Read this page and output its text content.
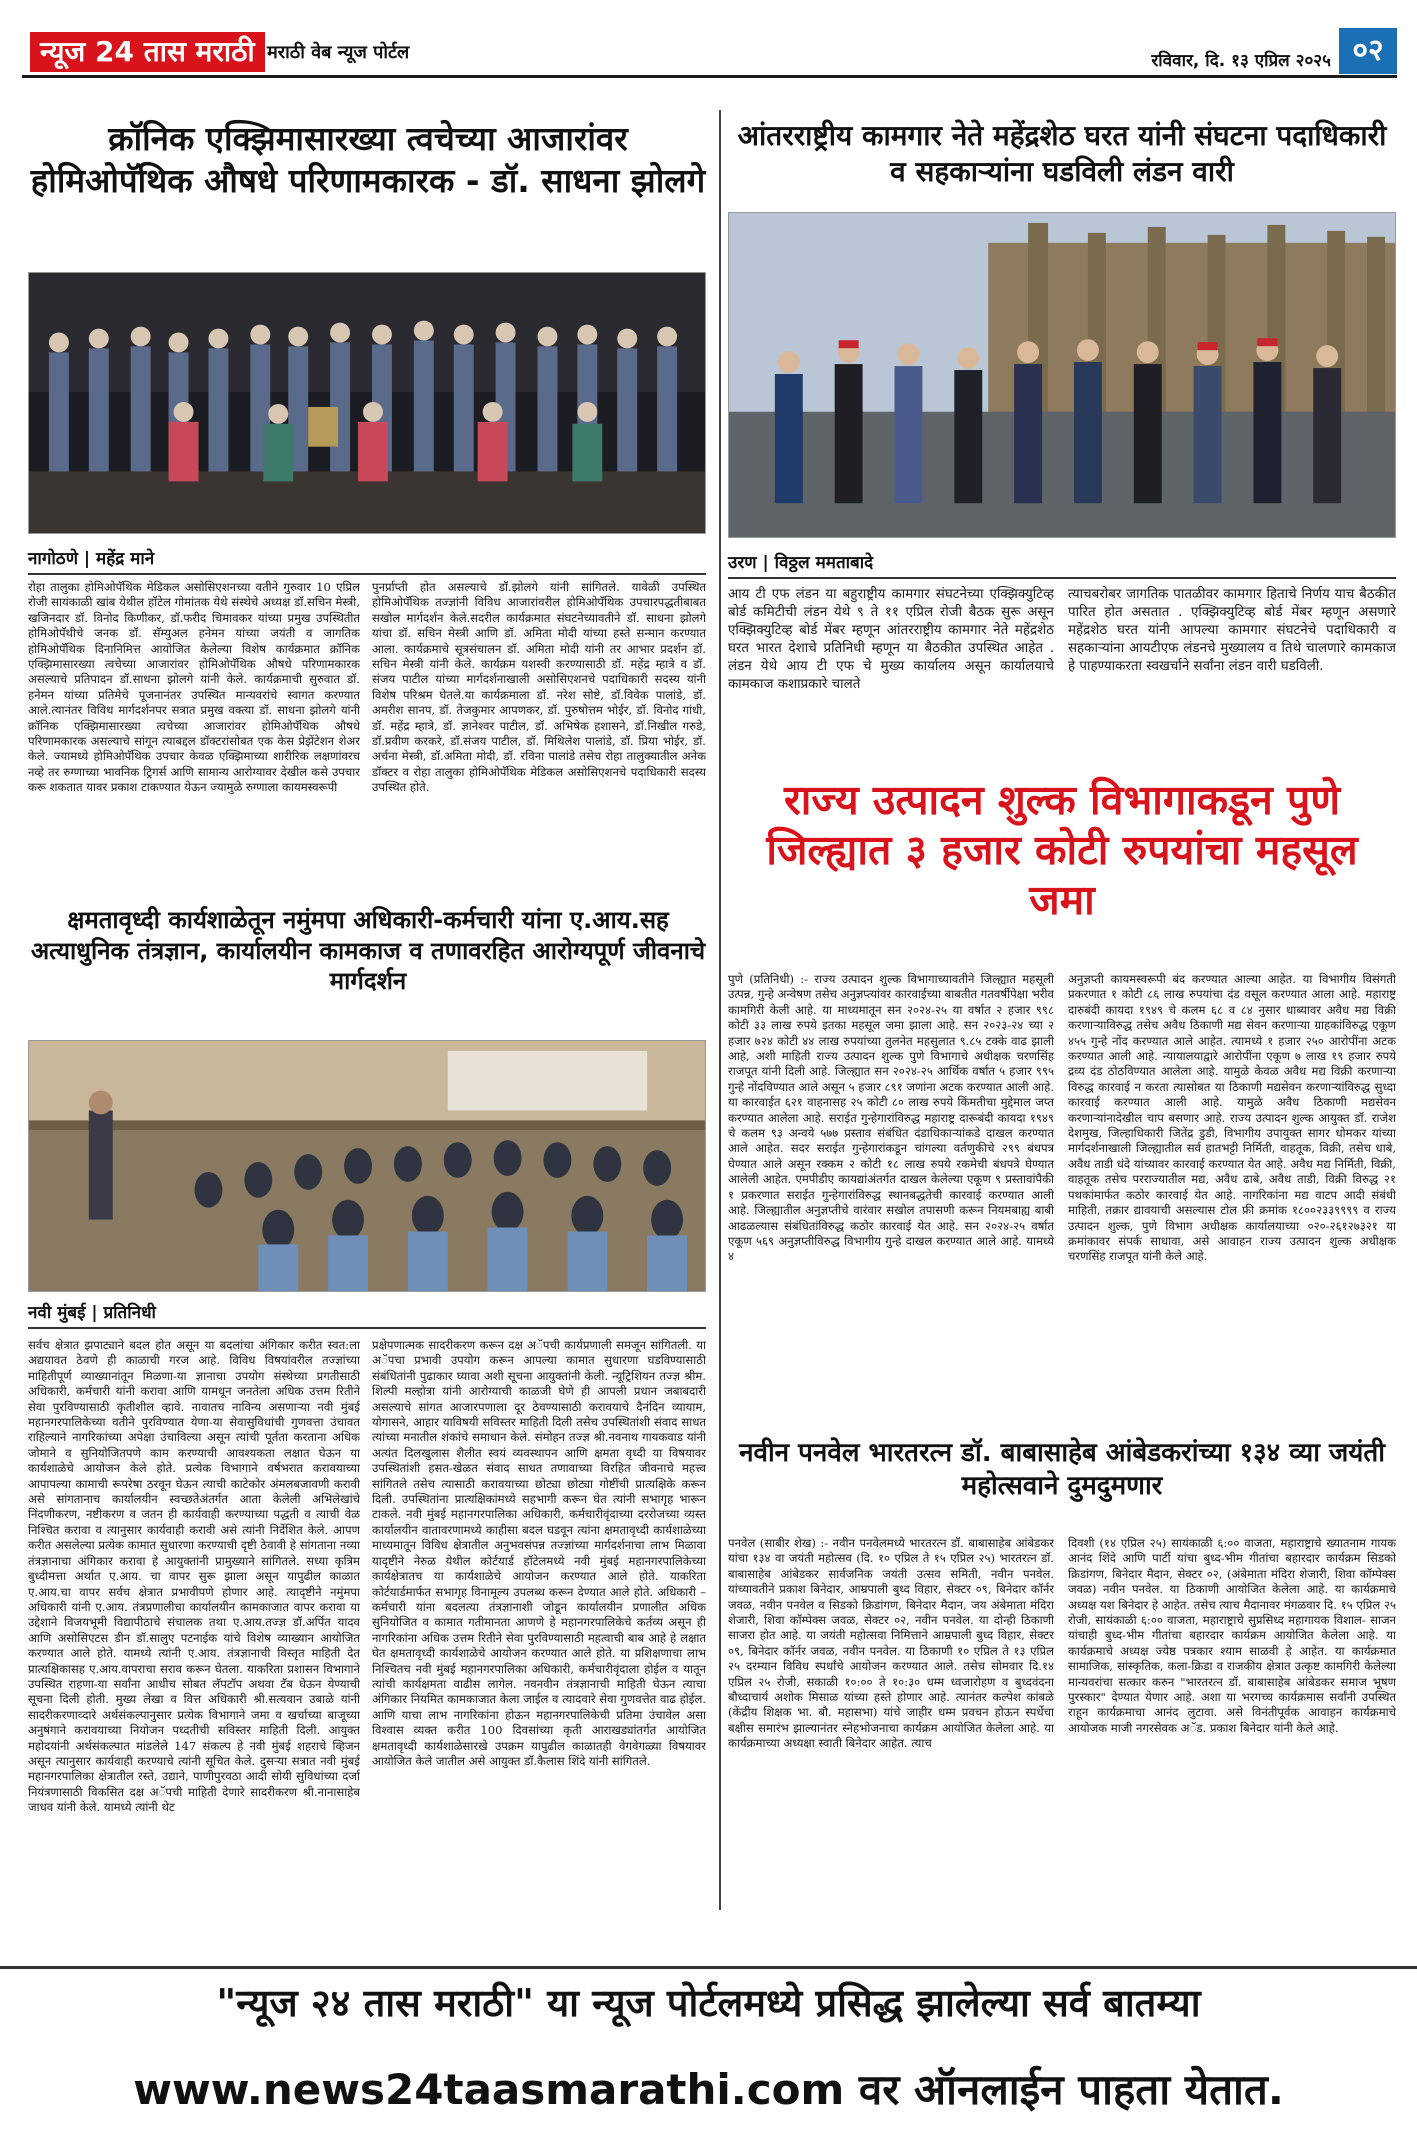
न्यूज 24 तास मराठी मराठी वेब न्यूज पोर्टल	रविवार, दि. १३ एप्रिल २०२५ ०२
क्रॉनिक एक्झिमासारख्या त्वचेच्या आजारांवर होमिओपॅथिक औषधे परिणामकारक - डॉ. साधना झोलगे
नागोठणे | महेंद्र माने
रोहा तालुका होमिओपॅथिक मेडिकल असोसिएशनच्या वतीने गुरुवार 10 एप्रिल रोजी सायंकाळी खांब येथील हॉटेल गोमांतक येथे संस्थेचे अध्यक्ष डॉ.सचिन मेस्त्री, खजिनदार डॉ. विनोद किणीकर, डॉ.फरीद चिमावकर यांच्या प्रमुख उपस्थितीत होमिओपॅथीचे जनक डॉ. सॅम्युअल हनेमन यांच्या जयंती व जागतिक होमिओपॅथिक दिनानिमित्त आयोजित केलेल्या विशेष कार्यक्रमात क्रॉनिक एक्झिमासारख्या त्वचेच्या आजारांवर होमिओपॅथिक औषधे परिणामकारक असल्याचे प्रतिपादन डॉ.साधना झोलगे यांनी केले. कार्यक्रमाची सुरुवात डॉ. हनेमन यांच्या प्रतिमेचे पूजनानंतर उपस्थित मान्यवरांचे स्वागत करण्यात आले.त्यानंतर विविध मार्गदर्शनपर सत्रात प्रमुख वक्त्या डॉ. साधना झोलगे यांनी क्रॉनिक एक्झिमासारख्या त्वचेच्या आजारांवर होमिओपॅथिक औषधे परिणामकारक असल्याचे सांगून त्याबद्दल डॉक्टरांसोबत एक केस प्रेझेंटेशन शेअर केले. ज्यामध्ये होमिओपॅथिक उपचार केवळ एक्झिमाच्या शारीरिक लक्षणांवरच नव्हे तर रुग्णाच्या भावनिक ट्रिगर्स आणि सामान्य आरोग्यावर देखील कसे उपचार करू शकतात यावर प्रकाश टाकण्यात येऊन ज्यामुळे रुग्णाला कायमस्वरूपी
पुनर्प्राप्ती होत असल्याचे डॉ.झोलगे यांनी सांगितले. यावेळी उपस्थित होमिओपॅथिक तज्ज्ञांनी विविध आजारांवरील होमिओपॅथिक उपचारपद्धतीबाबत सखोल मार्गदर्शन केले.सदरील कार्यक्रमात संघटनेच्यावतीने डॉ. साधना झोलगे यांचा डॉ. सचिन मेस्त्री आणि डॉ. अमिता मोदी यांच्या हस्ते सन्मान करण्यात आला. कार्यक्रमाचे सूत्रसंचालन डॉ. अमिता मोदी यांनी तर आभार प्रदर्शन डॉ. सचिन मेस्त्री यांनी केले. कार्यक्रम यशस्वी करण्यासाठी डॉ. महेंद्र म्हात्रे व डॉ. संजय पाटील यांच्या मार्गदर्शनाखाली असोसिएशनचे पदाधिकारी सदस्य यांनी विशेष परिश्रम घेतले.या कार्यक्रमाला डॉ. नरेश सोष्टे, डॉ.विवेक पालांडे, डॉ. अमरीश सानप, डॉ. तेजकुमार आपणकर, डॉ. पुरुषोत्तम भोईर, डॉ. विनोद गांधी, डॉ. महेंद्र म्हात्रे, डॉ. ज्ञानेश्वर पाटील, डॉ. अभिषेक हशासने, डॉ.निखील गरुडे, डॉ.प्रवीण करकरे, डॉ.संजय पाटील, डॉ. मिथिलेश पालांडे, डॉ. प्रिया भोईर, डॉ. अर्चना मेस्त्री, डॉ.अमिता मोदी, डॉ. रविना पालांडे तसेच रोहा तालुक्यातील अनेक डॉक्टर व रोहा तालुका होमिओपॅथिक मेडिकल असोसिएशनचे पदाधिकारी सदस्य उपस्थित होते.
क्षमतावृध्दी कार्यशाळेतून नमुंमपा अधिकारी-कर्मचारी यांना ए.आय.सह अत्याधुनिक तंत्रज्ञान, कार्यालयीन कामकाज व तणावरहित आरोग्यपूर्ण जीवनाचे मार्गदर्शन
नवी मुंबई | प्रतिनिधी
सर्वच क्षेत्रात झपाट्याने बदल होत असून या बदलांचा अंगिकार करीत स्वत:ला अद्ययावत ठेवणे ही काळाची गरज आहे. विविध विषयांवरील तज्ज्ञांच्या माहितीपूर्ण व्याख्यानांतून मिळणा-या ज्ञानाचा उपयोग संस्थेच्या प्रगतीसाठी अधिकारी, कर्मचारी यांनी करावा आणि यामधून जनतेला अधिक उत्तम रितीने सेवा पुरविण्यासाठी कृतीशील व्हावे. नावातच नाविन्य असणाऱ्या नवी मुंबई महानगरपालिकेच्या वतीने पुरविण्यात येणा-या सेवासुविधांची गुणवत्ता उंचावत राहिल्याने नागरिकांच्या अपेक्षा उंचाविल्या असून त्यांची पूर्तता करताना अधिक जोमाने व सुनियोजितपणे काम करण्याची आवश्यकता लक्षात घेऊन या कार्यशाळेचे आयोजन केले होते. प्रत्येक विभागाने वर्षभरात करावयाच्या आपापल्या कामाची रूपरेषा ठरवून घेऊन त्याची काटेकोर अंमलबजावणी करावी असे सांगतानाच कार्यालयीन स्वच्छतेअंतर्गत आता केलेली अभिलेखांचे निंदणीकरण, नष्टीकरण व जतन ही कार्यवाही करण्याच्या पद्धती व त्याची वेळ निश्चित करावा व त्यानुसार कार्यवाही करावी असे त्यांनी निर्देशित केले. आपण करीत असलेल्या प्रत्येक कामात सुधारणा करण्याची दृष्टी ठेवावी हे सांगताना नव्या तंत्रज्ञानाचा अंगिकार करावा हे आयुक्तांनी प्रामुख्याने सांगितले. सध्या कृत्रिम बुध्दीमत्ता अर्थात ए.आय. चा वापर सुरू झाला असून यापुढील काळात ए.आय.चा वापर सर्वच क्षेत्रात प्रभावीपणे होणार आहे. त्यादृष्टीने नमुंमपा अधिकारी यांनी ए.आय. तंत्रप्रणालीचा कार्यालयीन कामकाजात वापर करावा या उद्देशाने विजयभूमी विद्यापीठाचे संचालक तथा ए.आय.तज्ज्ञ डॉ.अर्पित यादव आणि असोसिएटस डीन डॉ.सालुए पटनाईक यांचे विशेष व्याख्यान आयोजित करण्यात आले होते. यामध्ये त्यांनी ए.आय. तंत्रज्ञानाची विस्तृत माहिती देत प्रात्यक्षिकासह ए.आय.वापराचा सराव करून घेतला. याकरिता प्रशासन विभागाने उपस्थित राहणा-या सर्वांना आधीच सोबत लॅपटॉप अथवा टॅब घेऊन येण्याची सूचना दिली होती. मुख्य लेखा व वित्त अधिकारी श्री.सत्यवान उबाळे यांनी सादरीकरणाव्दारे अर्थसंकल्पानुसार प्रत्येक विभागाने जमा व खर्चाच्या बाजूच्या अनुषंगाने करावयाच्या नियोजन पध्दतीची सविस्तर माहिती दिली. आयुक्त महोदयांनी अर्थसंकल्पात मांडलेले 147 संकल्प हे नवी मुंबई शहराचे व्हिजन असून त्यानुसार कार्यवाही करण्याचे त्यांनी सूचित केले. दुसऱ्या सत्रात नवी मुंबई महानगरपालिका क्षेत्रातील रस्ते, उद्याने, पाणीपुरवठा आदी सोयी सुविधांच्या दर्जा नियंत्रणासाठी विकसित दक्ष अॅपची माहिती देणारे सादरीकरण श्री.नानासाहेब जाधव यांनी केले. यामध्ये त्यांनी थेट
प्रक्षेपणात्मक सादरीकरण करून दक्ष अॅपची कार्यप्रणाली समजून सांगितली. या अॅपचा प्रभावी उपयोग करून आपल्या कामात सुधारणा घडविण्यासाठी संबंधितांनी पुढाकार घ्यावा अशी सूचना आयुक्तांनी केली. न्यूट्रिशियन तज्ज्ञ श्रीम. शिल्पी मल्होत्रा यांनी आरोग्याची काळजी घेणे ही आपली प्रधान जबाबदारी असल्याचे सांगत आजारपणाला दूर ठेवण्यासाठी करावयाचे दैनंदिन व्यायाम, योगासने, आहार याविषयी सविस्तर माहिती दिली तसेच उपस्थितांशी संवाद साधत त्यांच्या मनातील शंकांचे समाधान केले. संमोहन तज्ज्ञ श्री.नवनाथ गायकवाड यांनी अत्यंत दिलखुलास शैलीत स्वयं व्यवस्थापन आणि क्षमता वृध्दी या विषयावर उपस्थितांशी हसत-खेळत संवाद साधत तणावाच्या विरहित जीवनाचे महत्त्व सांगितले तसेच त्यासाठी करावयाच्या छोट्या छोट्या गोष्टींची प्रात्यक्षिके करून दिली. उपस्थितांना प्रात्यक्षिकांमध्ये सहभागी करून घेत त्यांनी सभागृह भारून टाकले. नवी मुंबई महानगरपालिका अधिकारी, कर्मचारीवृंदाच्या दररोजच्या व्यस्त कार्यालयीन वातावरणामध्ये काहीसा बदल घडवून त्यांना क्षमतावृध्दी कार्यशाळेच्या माध्यमातून विविध क्षेत्रातील अनुभवसंपन्न तज्ज्ञांच्या मार्गदर्शनाचा लाभ मिळावा यादृष्टीने नेरुळ येथील कोर्टयार्ड हॉटेलमध्ये नवी मुंबई महानगरपालिकेच्या कार्यक्षेत्रातच या कार्यशाळेचे आयोजन करण्यात आले होते. याकरिता कोर्टयार्डमार्फत सभागृह विनामूल्य उपलब्ध करून देण्यात आले होते. अधिकारी – कर्मचारी यांना बदलत्या तंत्रज्ञानाशी जोडून कार्यालयीन प्रणालीत अधिक सुनियोजित व कामात गतीमानता आणणे हे महानगरपालिकेचे कर्तव्य असून ही नागरिकांना अधिक उत्तम रितीने सेवा पुरविण्यासाठी महत्वाची बाब आहे हे लक्षात घेत क्षमतावृध्दी कार्यशाळेचे आयोजन करण्यात आले होते. या प्रशिक्षणाचा लाभ निश्चितच नवी मुंबई महानगरपालिका अधिकारी, कर्मचारीवृंदाला होईल व यातून त्यांची कार्यक्षमता वाढीस लागेल. नवनवीन तंत्रज्ञानाची माहिती घेऊन त्याचा अंगिकार नियमित कामकाजात केला जाईल व त्यादवारे सेवा गुणवत्तेत वाढ होईल. आणि याचा लाभ नागरिकांना होऊन महानगरपालिकेची प्रतिमा उंचावेल असा विश्वास व्यक्त करीत 100 दिवसांच्या कृती आराखड्यांतर्गत आयोजित क्षमतावृध्दी कार्यशाळेसारखे उपक्रम यापुढील काळातही वेगवेगळ्या विषयावर आयोजित केले जातील असे आयुक्त डॉ.कैलास शिंदे यांनी सांगितले.
आंतरराष्ट्रीय कामगार नेते महेंद्रशेठ घरत यांनी संघटना पदाधिकारी व सहकाऱ्यांना घडविली लंडन वारी
उरण | विठ्ठल ममताबादे
आय टी एफ लंडन या बहुराष्ट्रीय कामगार संघटनेच्या एक्झिक्युटिव्ह बोर्ड कमिटीची लंडन येथे ९ ते ११ एप्रिल रोजी बैठक सुरू असून एक्झिक्युटिव्ह बोर्ड मेंबर म्हणून आंतरराष्ट्रीय कामगार नेते महेंद्रशेठ घरत भारत देशाचे प्रतिनिधी म्हणून या बैठकीत उपस्थित आहेत . लंडन येथे आय टी एफ चे मुख्य कार्यालय असून कार्यालयाचे कामकाज कशाप्रकारे चालते
त्याचबरोबर जागतिक पातळीवर कामगार हिताचे निर्णय याच बैठकीत पारित होत असतात . एक्झिक्युटिव्ह बोर्ड मेंबर म्हणून असणारे महेंद्रशेठ घरत यांनी आपल्या कामगार संघटनेचे पदाधिकारी व सहकाऱ्यांना आयटीएफ लंडनचे मुख्यालय व तिथे चालणारे कामकाज हे पाहण्याकरता स्वखर्चाने सर्वांना लंडन वारी घडविली.
राज्य उत्पादन शुल्क विभागाकडून पुणे जिल्ह्यात ३ हजार कोटी रुपयांचा महसूल जमा
पुणे (प्रतिनिधी) :- राज्य उत्पादन शुल्क विभागाच्यावतीने जिल्ह्यात महसूली उत्पन्न, गुन्हे अन्वेषण तसेच अनुज्ञप्त्यांवर कारवाईच्या बाबतीत गतवर्षीपेक्षा भरीव कामगिरी केली आहे. या माध्यमातून सन २०२४-२५ या वर्षात २ हजार ९९८ कोटी ३३ लाख रुपये इतका महसूल जमा झाला आहे. सन २०२३-२४ च्या २ हजार ७२४ कोटी ४४ लाख रुपयांच्या तुलनेत महसुलात ९.८५ टक्के वाढ झाली आहे, अशी माहिती राज्य उत्पादन शुल्क पुणे विभागाचे अधीक्षक चरणसिंह राजपूत यांनी दिली आहे. जिल्ह्यात सन २०२४-२५ आर्थिक वर्षात ५ हजार ९९५ गुन्हे नोंदविण्यात आले असून ५ हजार ८९१ जणांना अटक करण्यात आली आहे. या कारवाईत ६२१ वाहनासह २५ कोटी ८० लाख रुपये किंमतीचा मुद्देमाल जप्त करण्यात आलेला आहे. सराईत गुन्हेगारांविरुद्ध महाराष्ट्र दारूबंदी कायदा १९४९ चे कलम ९३ अन्वये ५७७ प्रस्ताव संबंधित दंडाधिकाऱ्यांकडे दाखल करण्यात आले आहेत. सदर सराईत गुन्हेगारांकडून चांगल्या वर्तणुकीचे २९९ बंधपत्र घेण्यात आले असून रक्कम २ कोटी १८ लाख रुपये रकमेची बंधपत्रे घेण्यात आलेली आहेत. एमपीडीए कायद्यांअंतर्गत दाखल केलेल्या एकूण ९ प्रस्तावांपैकी १ प्रकरणात सराईत गुन्हेगारांविरुद्ध स्थानबद्धतेची कारवाई करण्यात आली आहे. जिल्ह्यातील अनुज्ञप्तीचे वारंवार सखोल तपासणी करून नियमबाह्य बाबी आढळल्यास संबंधितांविरुद्ध कठोर कारवाई येत आहे. सन २०२४-२५ वर्षात एकूण ५६९ अनुज्ञप्तीविरुद्ध विभागीय गुन्हे दाखल करण्यात आले आहे. यामध्ये ४
अनुज्ञप्ती कायमस्वरूपी बंद करण्यात आल्या आहेत. या विभागीय विसंगती प्रकरणात १ कोटी ८६ लाख रुपयांचा दंड वसूल करण्यात आला आहे. महाराष्ट्र दारुबंदी कायदा १९४९ चे कलम ६८ व ८४ नुसार धाब्यावर अवैध मद्य विक्री करणाऱ्याविरुद्ध तसेच अवैध ठिकाणी मद्य सेवन करणाऱ्या ग्राहकांविरुद्ध एकूण ४५५ गुन्हे नोंद करण्यात आले आहेत. त्यामध्ये १ हजार २५० आरोपींना अटक करण्यात आली आहे. न्यायालयाद्वारे आरोपींना एकूण ७ लाख १९ हजार रुपये द्रव्य दंड ठोठविण्यात आलेला आहे. यामुळे केवळ अवैध मद्य विक्री करणाऱ्या विरुद्ध कारवाई न करता त्यासोबत या ठिकाणी मद्यसेवन करणाऱ्यांविरुद्ध सुध्दा कारवाई करण्यात आली आहे. यामुळे अवैध ठिकाणी मद्यसेवन करणाऱ्यांनादेखील चाप बसणार आहे. राज्य उत्पादन शुल्क आयुक्त डॉ. राजेश देशमुख, जिल्हाधिकारी जितेंद्र डुडी, विभागीय उपायुक्त सागर धोमकर यांच्या मार्गदर्शनाखाली जिल्ह्यातील सर्व हातभट्टी निर्मिती, वाहतूक, विक्री, तसेच धाबे, अवैध ताडी धंदे यांच्यावर कारवाई करण्यात येत आहे. अवैध मद्य निर्मिती, विक्री, वाहतूक तसेच परराज्यातील मद्य, अवैध ढाबे, अवैध ताडी, विक्री विरुद्ध २१ पथकांमार्फत कठोर कारवाई येत आहे. नागरिकांना मद्य वाटप आदी संबंधी माहिती, तक्रार द्यावयाची असल्यास टोल फ्री क्रमांक १८००२३३९९९९ व राज्य उत्पादन शुल्क, पुणे विभाग अधीक्षक कार्यालयाच्या ०२०-२६१२७३२१ या क्रमांकावर संपर्क साधावा, असे आवाहन राज्य उत्पादन शुल्क अधीक्षक चरणसिंह राजपूत यांनी केले आहे.
नवीन पनवेल भारतरत्न डॉ. बाबासाहेब आंबेडकरांच्या १३४ व्या जयंती महोत्सवाने दुमदुमणार
पनवेल (साबीर शेख) :- नवीन पनवेलमध्ये भारतरत्न डॉ. बाबासाहेब आंबेडकर यांचा १३४ वा जयंती महोत्सव (दि. १० एप्रिल ते १५ एप्रिल २५) भारतरत्न डॉ. बाबासाहेब आंबेडकर सार्वजनिक जयंती उत्सव समिती, नवीन पनवेल. यांच्यावतीने प्रकाश बिनेदार, आम्रपाली बुध्द विहार, सेक्टर ०९, बिनेदार कॉर्नर जवळ, नवीन पनवेल व सिडको क्रिडांगण, बिनेदार मैदान, जय अंबेमाता मंदिरा शेजारी, शिवा कॉम्पेक्स जवळ, सेक्टर ०२, नवीन पनवेल. या दोन्ही ठिकाणी साजरा होत आहे. या जयंती महोत्सवा निमित्ताने आम्रपाली बुध्द विहार, सेक्टर ०९, बिनेदार कॉर्नर जवळ, नवीन पनवेल. या ठिकाणी १० एप्रिल ते १३ एप्रिल २५ दरम्यान विविध स्पर्धांचे आयोजन करण्यात आले. तसेच सोमवार दि.१४ एप्रिल २५ रोजी, सकाळी १०:०० ते १०:३० धम्म ध्वजारोहण व बुध्दवंदना बौध्दाचार्य अशोक मिसाळ यांच्या हस्ते होणार आहे. त्यानंतर कल्पेश कांबळे (केंद्रीय शिक्षक भा. बौ. महासभा) यांचे जाहीर धम्म प्रवचन होऊन स्पर्धेचा बक्षीस समारंभ झाल्यानंतर स्नेहभोजनाचा कार्यक्रम आयोजित केलेला आहे. या कार्यक्रमाच्या अध्यक्षा स्वाती बिनेदार आहेत. त्याच
दिवशी (१४ एप्रिल २५) सायंकाळी ६:०० वाजता, महाराष्ट्राचे ख्यातनाम गायक आनंद शिंदे आणि पार्टी यांचा बुध्द-भीम गीतांचा बहारदार कार्यक्रम सिडको क्रिडांगण, बिनेदार मैदान, सेक्टर ०२, (अंबेमाता मंदिरा शेजारी, शिवा कॉम्पेक्स जवळ) नवीन पनवेल. या ठिकाणी आयोजित केलेला आहे. या कार्यक्रमाचे अध्यक्ष यश बिनेदार हे आहेत. तसेच त्याच मैदानावर मंगळवार दि. १५ एप्रिल २५ रोजी, सायंकाळी ६:०० वाजता, महाराष्ट्राचे सुप्रसिध्द महागायक विशाल- साजन यांचाही बुध्द-भीम गीतांचा बहारदार कार्यक्रम आयोजित केलेला आहे. या कार्यक्रमाचे अध्यक्ष ज्येष्ठ पत्रकार श्याम साळवी हे आहेत. या कार्यक्रमात सामाजिक, सांस्कृतिक, कला-क्रिडा व राजकीय क्षेत्रात उत्कृष्ट कामगिरी केलेल्या मान्यवरांचा सत्कार करुन "भारतरत्न डॉ. बाबासाहेब आंबेडकर समाज भूषण पुरस्कार" देण्यात येणार आहे. अशा या भरगच्च कार्यक्रमास सर्वांनी उपस्थित राहून कार्यक्रमाचा आनंद लुटावा. असे विनंतीपूर्वक आवाहन कार्यक्रमाचे आयोजक माजी नगरसेवक अॅड. प्रकाश बिनेदार यांनी केले आहे.
"न्यूज २४ तास मराठी" या न्यूज पोर्टलमध्ये प्रसिद्ध झालेल्या सर्व बातम्या
www.news24taasmarathi.com वर ऑनलाईन पाहता येतात.
